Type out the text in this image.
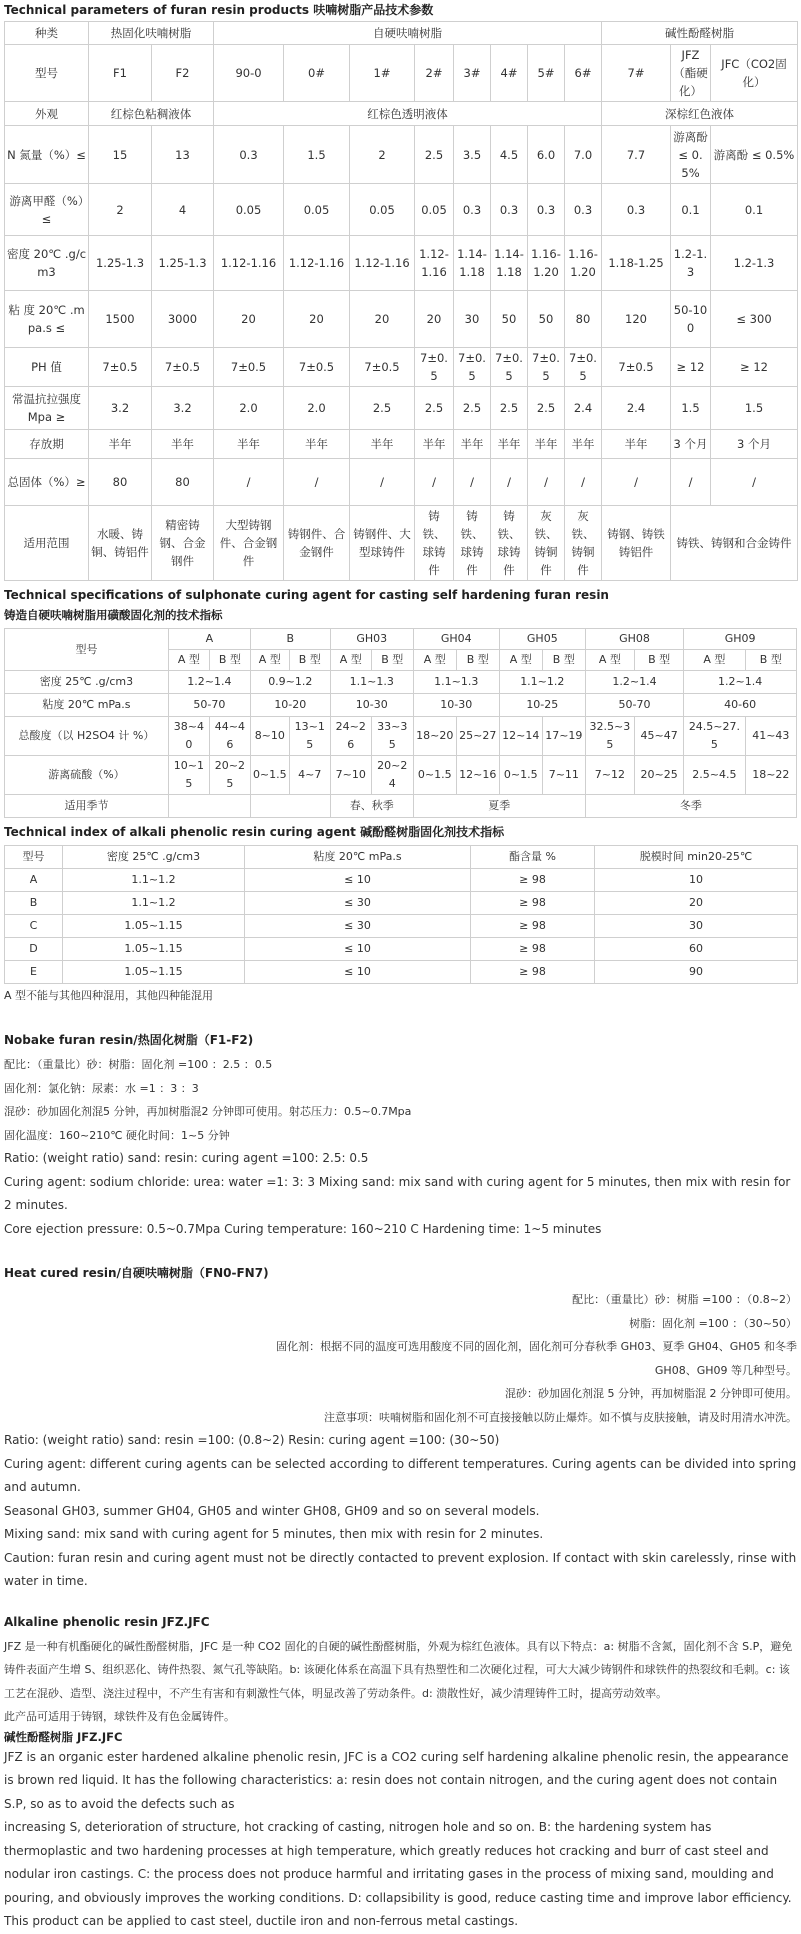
Technical parameters of furan resin products 呋喃树脂产品技术参数

种类	热固化呋喃树脂		自硬呋喃树脂								碱性酚醛树脂		
型号	F1	F2	90-0	0#	1#	2#	3#	4#	5#	6#	7#	JFZ（酯硬化）	JFC（CO2固化）
外观	红棕色粘稠液体		红棕色透明液体								深棕红色液体		
N 氮量（%）≤	15	13	0.3	1.5	2	2.5	3.5	4.5	6.0	7.0	7.7	游离酚 ≤ 0.5%	游离酚 ≤ 0.5%
游离甲醛（%）≤	2	4	0.05	0.05	0.05	0.05	0.3	0.3	0.3	0.3	0.3	0.1	0.1
密度 20℃ .g/cm3	1.25-1.3	1.25-1.3	1.12-1.16	1.12-1.16	1.12-1.16	1.12-1.16	1.14-1.18	1.14-1.18	1.16-1.20	1.16-1.20	1.18-1.25	1.2-1.3	1.2-1.3
粘 度 20℃ .mpa.s ≤	1500	3000	20	20	20	20	30	50	50	80	120	50-100	≤ 300
PH 值	7±0.5	7±0.5	7±0.5	7±0.5	7±0.5	7±0.5	7±0.5	7±0.5	7±0.5	7±0.5	7±0.5	≥ 12	≥ 12
常温抗拉强度 Mpa ≥	3.2	3.2	2.0	2.0	2.5	2.5	2.5	2.5	2.5	2.4	2.4	1.5	1.5
存放期	半年	半年	半年	半年	半年	半年	半年	半年	半年	半年	半年	3 个月	3 个月
总固体（%）≥	80	80	/	/	/	/	/	/	/	/	/	/	/
适用范围	水暖、铸铜、铸铝件	精密铸钢、合金钢件	大型铸钢件、合金钢件	铸钢件、合金钢件	铸钢件、大型球铸件	铸铁、球铸件	铸铁、球铸件	铸铁、球铸件	灰铁、铸铜件	灰铁、铸铜件	铸钢、铸铁铸铝件	铸铁、铸钢和合金铸件	

Technical specifications of sulphonate curing agent for casting self hardening furan resin

铸造自硬呋喃树脂用磺酸固化剂的技术指标

型号	A		B		GH03		GH04		GH05		GH08		GH09	
	A 型	B 型	A 型	B 型	A 型	B 型	A 型	B 型	A 型	B 型	A 型	B 型	A 型	B 型
密度 25℃ .g/cm3	1.2~1.4		0.9~1.2		1.1~1.3		1.1~1.3		1.1~1.2		1.2~1.4		1.2~1.4	
粘度 20℃ mPa.s	50-70		10-20		10-30		10-30		10-25		50-70		40-60	
总酸度（以 H2SO4 计 %）	38~40	44~46	8~10	13~15	24~26	33~35	18~20	25~27	12~14	17~19	32.5~35	45~47	24.5~27.5	41~43
游离硫酸（%）	10~15	20~25	0~1.5	4~7	7~10	20~24	0~1.5	12~16	0~1.5	7~11	7~12	20~25	2.5~4.5	18~22
适用季节					春、秋季		夏季				冬季			

Technical index of alkali phenolic resin curing agent 碱酚醛树脂固化剂技术指标

型号	密度 25℃ .g/cm3	粘度 20℃ mPa.s	酯含量 %	脱模时间 min20-25℃
A	1.1~1.2	≤ 10	≥ 98	10
B	1.1~1.2	≤ 30	≥ 98	20
C	1.05~1.15	≤ 30	≥ 98	30
D	1.05~1.15	≤ 10	≥ 98	60
E	1.05~1.15	≤ 10	≥ 98	90

A 型不能与其他四种混用，其他四种能混用

Nobake furan resin/热固化树脂（F1-F2)

配比：（重量比）砂：树脂：固化剂 =100 ：2.5 ：0.5

固化剂：氯化钠：尿素：水 =1 ：3 ：3

混砂：砂加固化剂混5 分钟，再加树脂混2 分钟即可使用。射芯压力：0.5~0.7Mpa

固化温度：160~210℃ 硬化时间：1~5 分钟

Ratio: (weight ratio) sand: resin: curing agent =100: 2.5: 0.5

Curing agent: sodium chloride: urea: water =1: 3: 3 Mixing sand: mix sand with curing agent for 5 minutes, then mix with resin for 2 minutes.

Core ejection pressure: 0.5~0.7Mpa Curing temperature: 160~210 C Hardening time: 1~5 minutes

Heat cured resin/自硬呋喃树脂（FN0-FN7)

配比：（重量比）砂：树脂 =100 ：（0.8~2）

树脂：固化剂 =100 ：（30~50）

固化剂：根据不同的温度可选用酸度不同的固化剂，固化剂可分春秋季 GH03、夏季 GH04、GH05 和冬季

GH08、GH09 等几种型号。

混砂：砂加固化剂混 5 分钟，再加树脂混 2 分钟即可使用。

注意事项：呋喃树脂和固化剂不可直接接触以防止爆炸。如不慎与皮肤接触，请及时用清水冲洗。

Ratio: (weight ratio) sand: resin =100: (0.8~2) Resin: curing agent =100: (30~50)

Curing agent: different curing agents can be selected according to different temperatures. Curing agents can be divided into spring and autumn.

Seasonal GH03, summer GH04, GH05 and winter GH08, GH09 and so on several models.

Mixing sand: mix sand with curing agent for 5 minutes, then mix with resin for 2 minutes.

Caution: furan resin and curing agent must not be directly contacted to prevent explosion. If contact with skin carelessly, rinse with water in time.

Alkaline phenolic resin JFZ.JFC

JFZ 是一种有机酯硬化的碱性酚醛树脂，JFC 是一种 CO2 固化的自硬的碱性酚醛树脂，外观为棕红色液体。具有以下特点：a: 树脂不含氮，固化剂不含 S.P，避免铸件表面产生增 S、组织恶化、铸件热裂、氮气孔等缺陷。b: 该硬化体系在高温下具有热塑性和二次硬化过程，可大大减少铸钢件和球铁件的热裂纹和毛刺。c: 该工艺在混砂、造型、浇注过程中，不产生有害和有刺激性气体，明显改善了劳动条件。d: 溃散性好，减少清理铸件工时，提高劳动效率。

此产品可适用于铸钢，球铁件及有色金属铸件。

碱性酚醛树脂 JFZ.JFC

JFZ is an organic ester hardened alkaline phenolic resin, JFC is a CO2 curing self hardening alkaline phenolic resin, the appearance is brown red liquid. It has the following characteristics: a: resin does not contain nitrogen, and the curing agent does not contain S.P, so as to avoid the defects such as

increasing S, deterioration of structure, hot cracking of casting, nitrogen hole and so on. B: the hardening system has thermoplastic and two hardening processes at high temperature, which greatly reduces hot cracking and burr of cast steel and nodular iron castings. C: the process does not produce harmful and irritating gases in the process of mixing sand, moulding and pouring, and obviously improves the working conditions. D: collapsibility is good, reduce casting time and improve labor efficiency.

This product can be applied to cast steel, ductile iron and non-ferrous metal castings.
